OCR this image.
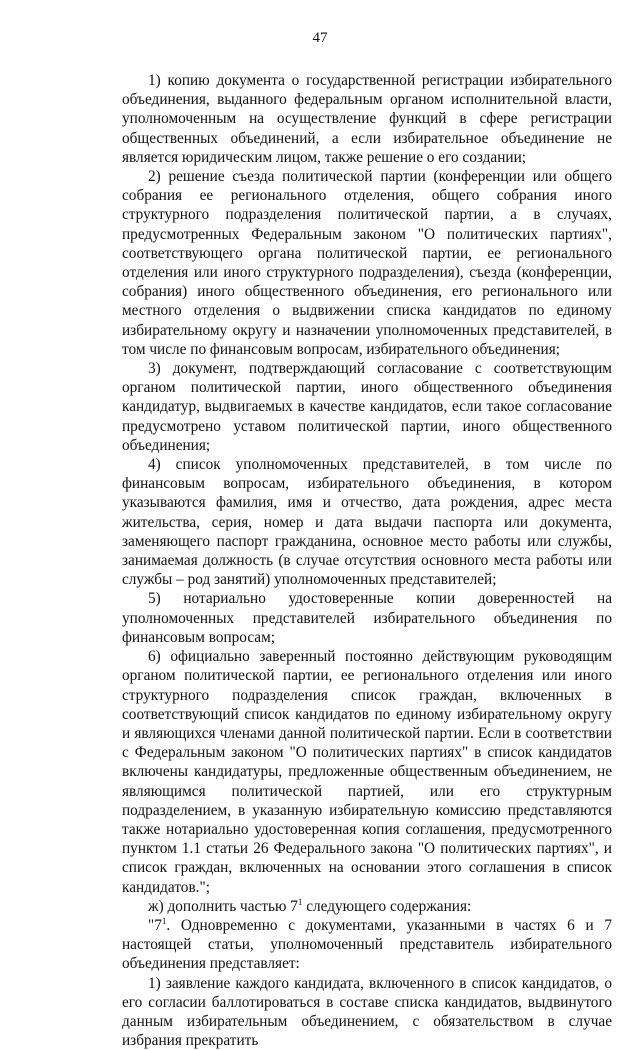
47

1) копию документа о государственной регистрации избирательного объединения, выданного федеральным органом исполнительной власти, уполномоченным на осуществление функций в сфере регистрации общественных объединений, а если избирательное объединение не является юридическим лицом, также решение о его создании;

2) решение съезда политической партии (конференции или общего собрания ее регионального отделения, общего собрания иного структурного подразделения политической партии, а в случаях, предусмотренных Федеральным законом "О политических партиях", соответствующего органа политической партии, ее регионального отделения или иного структурного подразделения), съезда (конференции, собрания) иного общественного объединения, его регионального или местного отделения о выдвижении списка кандидатов по единому избирательному округу и назначении уполномоченных представителей, в том числе по финансовым вопросам, избирательного объединения;

3) документ, подтверждающий согласование с соответствующим органом политической партии, иного общественного объединения кандидатур, выдвигаемых в качестве кандидатов, если такое согласование предусмотрено уставом политической партии, иного общественного объединения;

4) список уполномоченных представителей, в том числе по финансовым вопросам, избирательного объединения, в котором указываются фамилия, имя и отчество, дата рождения, адрес места жительства, серия, номер и дата выдачи паспорта или документа, заменяющего паспорт гражданина, основное место работы или службы, занимаемая должность (в случае отсутствия основного места работы или службы – род занятий) уполномоченных представителей;

5) нотариально удостоверенные копии доверенностей на уполномоченных представителей избирательного объединения по финансовым вопросам;

6) официально заверенный постоянно действующим руководящим органом политической партии, ее регионального отделения или иного структурного подразделения список граждан, включенных в соответствующий список кандидатов по единому избирательному округу и являющихся членами данной политической партии. Если в соответствии с Федеральным законом "О политических партиях" в список кандидатов включены кандидатуры, предложенные общественным объединением, не являющимся политической партией, или его структурным подразделением, в указанную избирательную комиссию представляются также нотариально удостоверенная копия соглашения, предусмотренного пунктом 1.1 статьи 26 Федерального закона "О политических партиях", и список граждан, включенных на основании этого соглашения в список кандидатов.";

ж) дополнить частью $7^1$ следующего содержания:

"$7^1$. Одновременно с документами, указанными в частях 6 и 7 настоящей статьи, уполномоченный представитель избирательного объединения представляет:

1) заявление каждого кандидата, включенного в список кандидатов, о его согласии баллотироваться в составе списка кандидатов, выдвинутого данным избирательным объединением, с обязательством в случае избрания прекратить
